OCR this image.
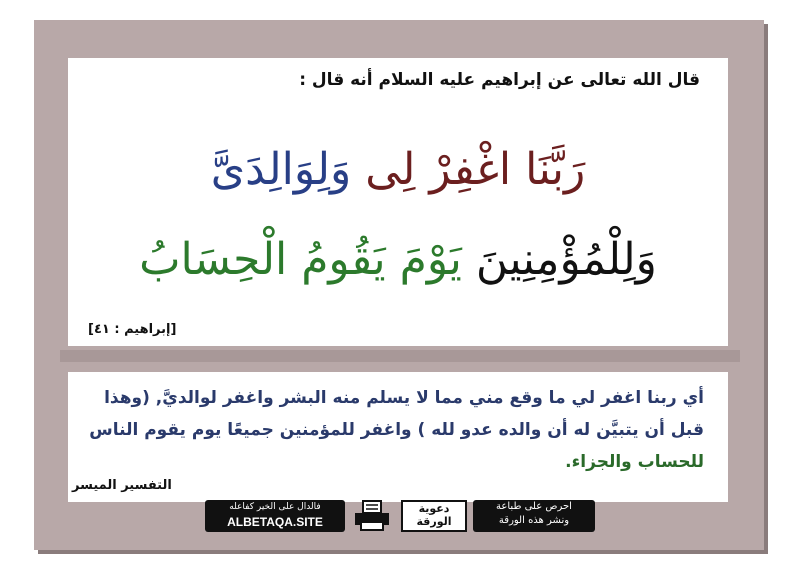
قال الله تعالى عن إبراهيم عليه السلام أنه قال :
رَبَّنَا اغْفِرْ لِى وَلِوَالِدَىَّ
وَلِلْمُؤْمِنِينَ يَوْمَ يَقُومُ الْحِسَابُ
[إبراهيم : ٤١]
أي ربنا اغفر لي ما وقع مني مما لا يسلم منه البشر واغفر لوالديَّ, (وهذا
قبل أن يتبيَّن له أن والده عدو لله ) واغفر للمؤمنين جميعًا يوم يقوم الناس
للحساب والجزاء.
التفسير الميسر
فالدال على الخير كفاعله
ALBETAQA.SITE
دعوية
الورقة
احرص على طباعة
ونشر هذه الورقة
